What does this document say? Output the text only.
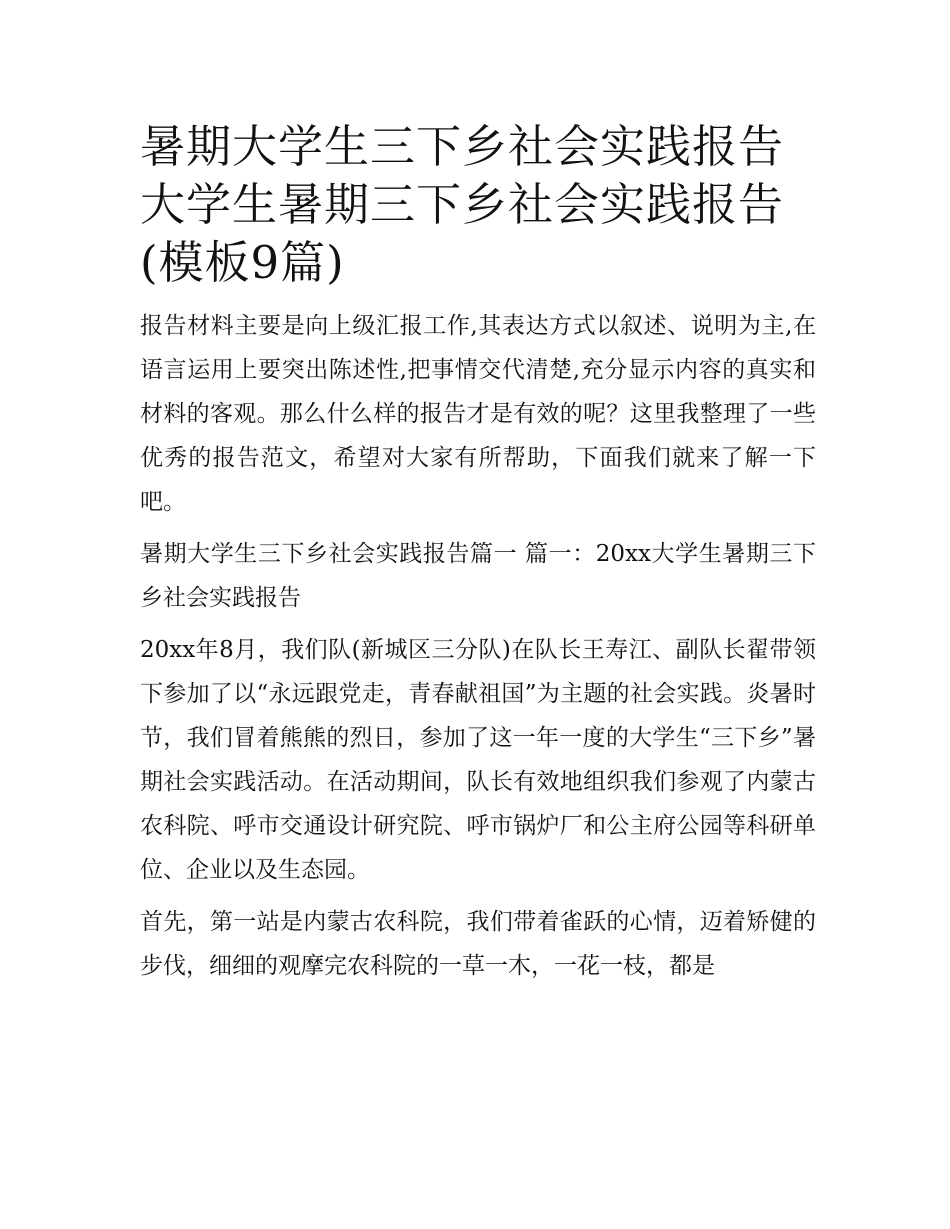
暑期大学生三下乡社会实践报告 大学生暑期三下乡社会实践报告(模板9篇)

报告材料主要是向上级汇报工作,其表达方式以叙述、说明为主,在语言运用上要突出陈述性,把事情交代清楚,充分显示内容的真实和材料的客观。那么什么样的报告才是有效的呢？这里我整理了一些优秀的报告范文，希望对大家有所帮助，下面我们就来了解一下吧。

暑期大学生三下乡社会实践报告篇一 篇一：20xx大学生暑期三下乡社会实践报告

20xx年8月，我们队(新城区三分队)在队长王寿江、副队长翟带领下参加了以“永远跟党走，青春献祖国”为主题的社会实践。炎暑时节，我们冒着熊熊的烈日，参加了这一年一度的大学生“三下乡”暑期社会实践活动。在活动期间，队长有效地组织我们参观了内蒙古农科院、呼市交通设计研究院、呼市锅炉厂和公主府公园等科研单位、企业以及生态园。

首先，第一站是内蒙古农科院，我们带着雀跃的心情，迈着矫健的步伐，细细的观摩完农科院的一草一木，一花一枝，都是
